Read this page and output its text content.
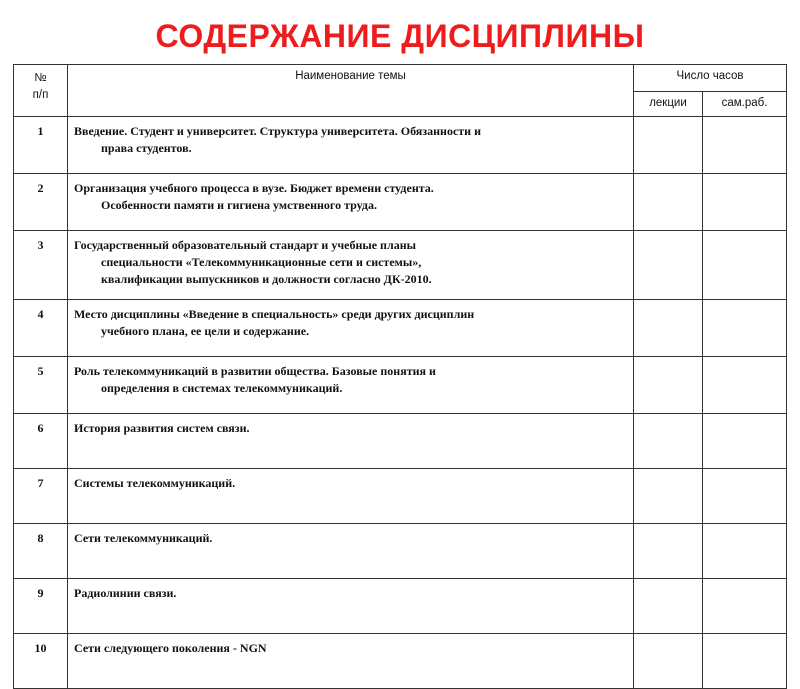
СОДЕРЖАНИЕ ДИСЦИПЛИНЫ
№
п/п	Наименование темы	Число часов	
		лекции	сам.раб.
1	Введение. Студент и университет. Структура университета. Обязанности и
права студентов.		

2	Организация учебного процесса в вузе. Бюджет времени студента.
Особенности памяти и гигиена умственного труда.		

3	Государственный образовательный стандарт и учебные планы
специальности «Телекоммуникационные сети и системы»,
квалификации выпускников и должности согласно ДК-2010.		

4	Место дисциплины «Введение в специальность» среди других дисциплин
учебного плана, ее цели и содержание.		

5	Роль телекоммуникаций в развитии общества. Базовые понятия и
определения в системах телекоммуникаций.		

6	История развития систем связи.		
7	Системы телекоммуникаций.		
8	Сети телекоммуникаций.		
9	Радиолинии связи.		
10	Сети следующего поколения - NGN		
